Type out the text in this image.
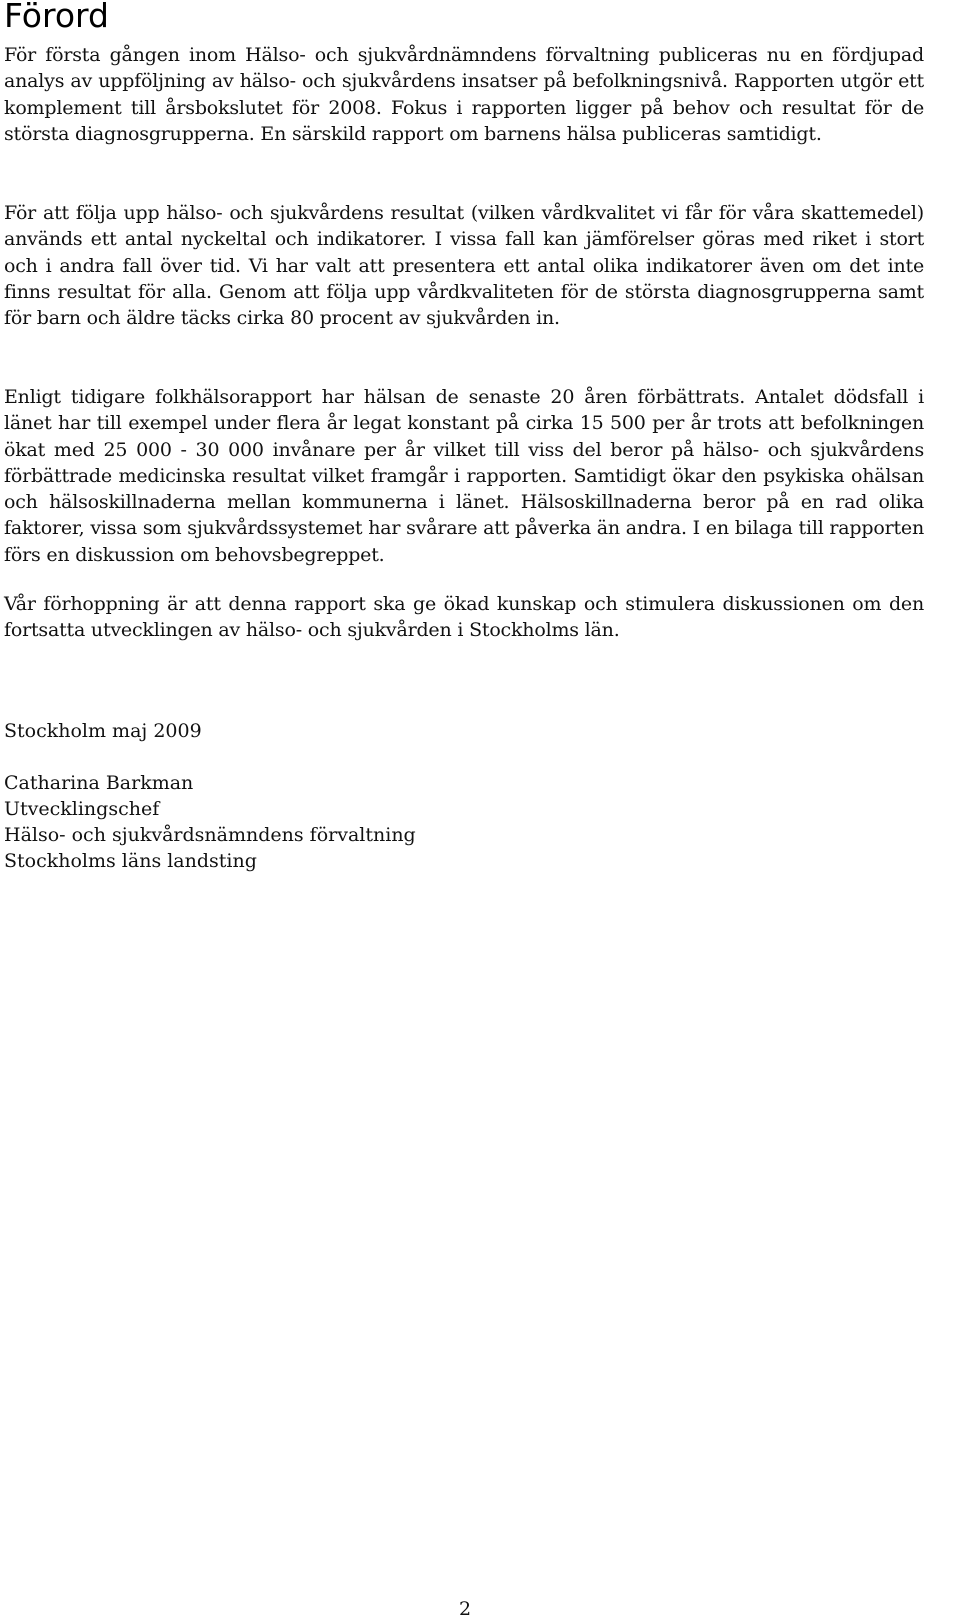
Förord

För första gången inom Hälso- och sjukvårdnämndens förvaltning publiceras nu en fördjupad analys av uppföljning av hälso- och sjukvårdens insatser på befolkningsnivå. Rapporten utgör ett komplement till årsbokslutet för 2008. Fokus i rapporten ligger på behov och resultat för de största diagnosgrupperna. En särskild rapport om barnens hälsa publiceras samtidigt.

För att följa upp hälso- och sjukvårdens resultat (vilken vårdkvalitet vi får för våra skattemedel) används ett antal nyckeltal och indikatorer. I vissa fall kan jämförelser göras med riket i stort och i andra fall över tid. Vi har valt att presentera ett antal olika indikatorer även om det inte finns resultat för alla. Genom att följa upp vårdkvaliteten för de största diagnosgrupperna samt för barn och äldre täcks cirka 80 procent av sjukvården in.

Enligt tidigare folkhälsorapport har hälsan de senaste 20 åren förbättrats. Antalet dödsfall i länet har till exempel under flera år legat konstant på cirka 15 500 per år trots att befolkningen ökat med 25 000 - 30 000 invånare per år vilket till viss del beror på hälso- och sjukvårdens förbättrade medicinska resultat vilket framgår i rapporten. Samtidigt ökar den psykiska ohälsan och hälsoskillnaderna mellan kommunerna i länet. Hälsoskillnaderna beror på en rad olika faktorer, vissa som sjukvårdssystemet har svårare att påverka än andra. I en bilaga till rapporten förs en diskussion om behovsbegreppet.

Vår förhoppning är att denna rapport ska ge ökad kunskap och stimulera diskussionen om den fortsatta utvecklingen av hälso- och sjukvården i Stockholms län.

Stockholm maj 2009

Catharina Barkman

Utvecklingschef

Hälso- och sjukvårdsnämndens förvaltning

Stockholms läns landsting

2
